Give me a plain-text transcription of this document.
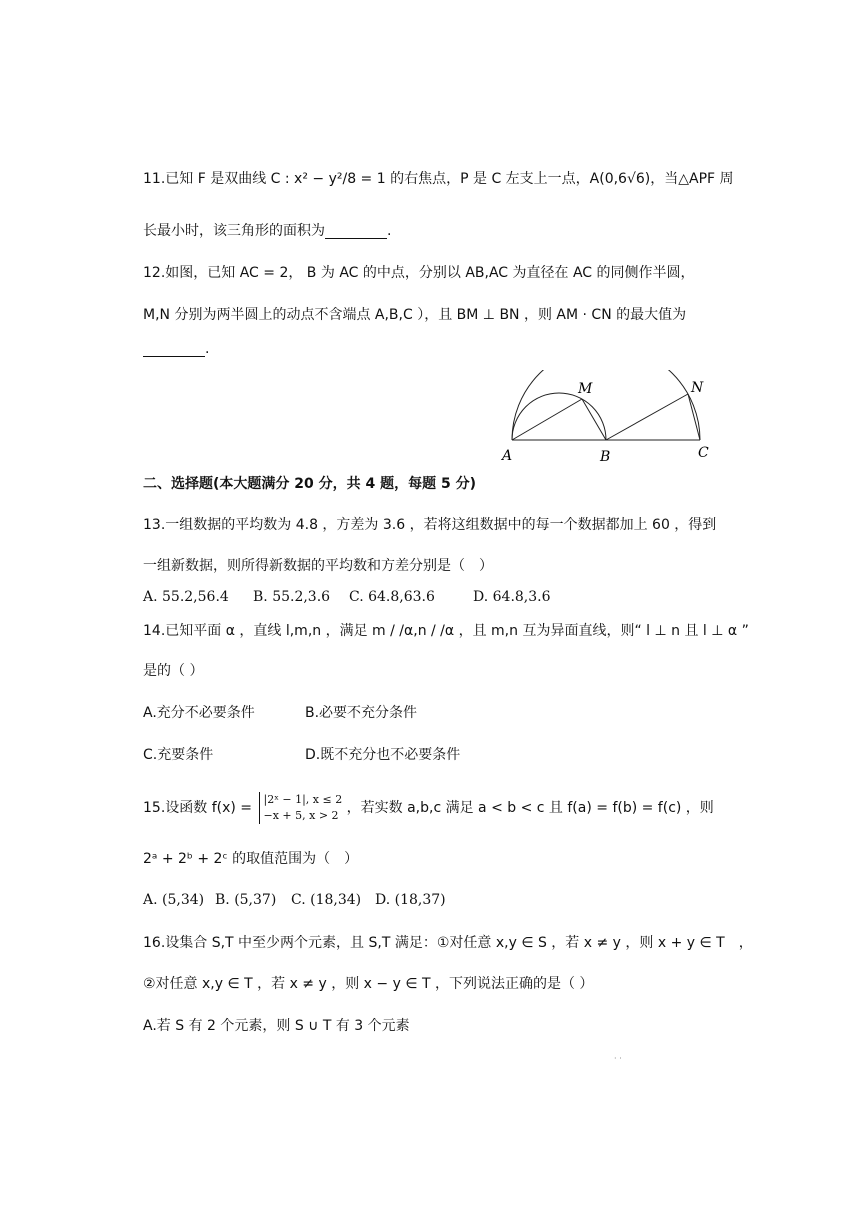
11.已知 F 是双曲线 C : x² − y²/8 = 1 的右焦点，P 是 C 左支上一点，A(0,6√6)，当△APF 周
长最小时，该三角形的面积为	.
12.如图，已知 AC = 2， B 为 AC 的中点，分别以 AB,AC 为直径在 AC 的同侧作半圆，
M,N 分别为两半圆上的动点不含端点 A,B,C ），且 BM ⊥ BN ，则 AM · CN 的最大值为
.
A	B	C
M	N
二、选择题(本大题满分 20 分，共 4 题，每题 5 分)
13.一组数据的平均数为 4.8 ，方差为 3.6 ，若将这组数据中的每一个数据都加上 60 ，得到
一组新数据，则所得新数据的平均数和方差分别是（　）
A. 55.2,56.4 B. 55.2,3.6 C. 64.8,63.6	D. 64.8,3.6
14.已知平面 α ，直线 l,m,n ，满足 m / /α,n / /α ，且 m,n 互为异面直线，则“ l ⊥ n 且 l ⊥ α ”
是的（ ）
A.充分不必要条件	B.必要不充分条件
C.充要条件	D.既不充分也不必要条件
15.设函数 f(x) =
|2ˣ − 1|, x ≤ 2
−x + 5, x > 2 ，若实数 a,b,c 满足 a < b < c 且 f(a) = f(b) = f(c) ，则
2ᵃ + 2ᵇ + 2ᶜ 的取值范围为（　）
A. (5,34) B. (5,37) C. (18,34) D. (18,37)
16.设集合 S,T 中至少两个元素，且 S,T 满足：①对任意 x,y ∈ S ，若 x ≠ y ，则 x + y ∈ T　，
②对任意 x,y ∈ T ，若 x ≠ y ，则 x − y ∈ T ，下列说法正确的是（ ）
A.若 S 有 2 个元素，则 S ∪ T 有 3 个元素
· ·
